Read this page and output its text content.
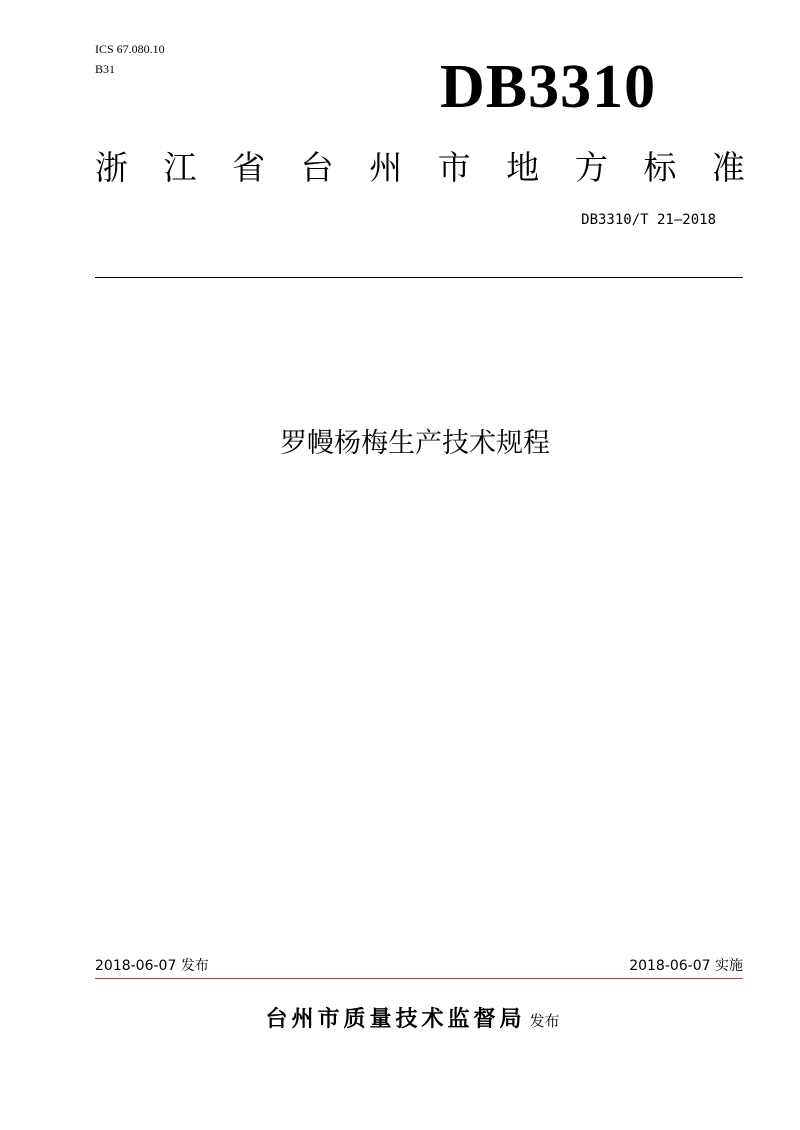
ICS 67.080.10
B31	DB3310
浙 江 省 台 州 市 地 方 标 准
DB3310/T 21—2018
罗幔杨梅生产技术规程
2018-06-07 发布	2018-06-07 实施
台州市质量技术监督局 发布
